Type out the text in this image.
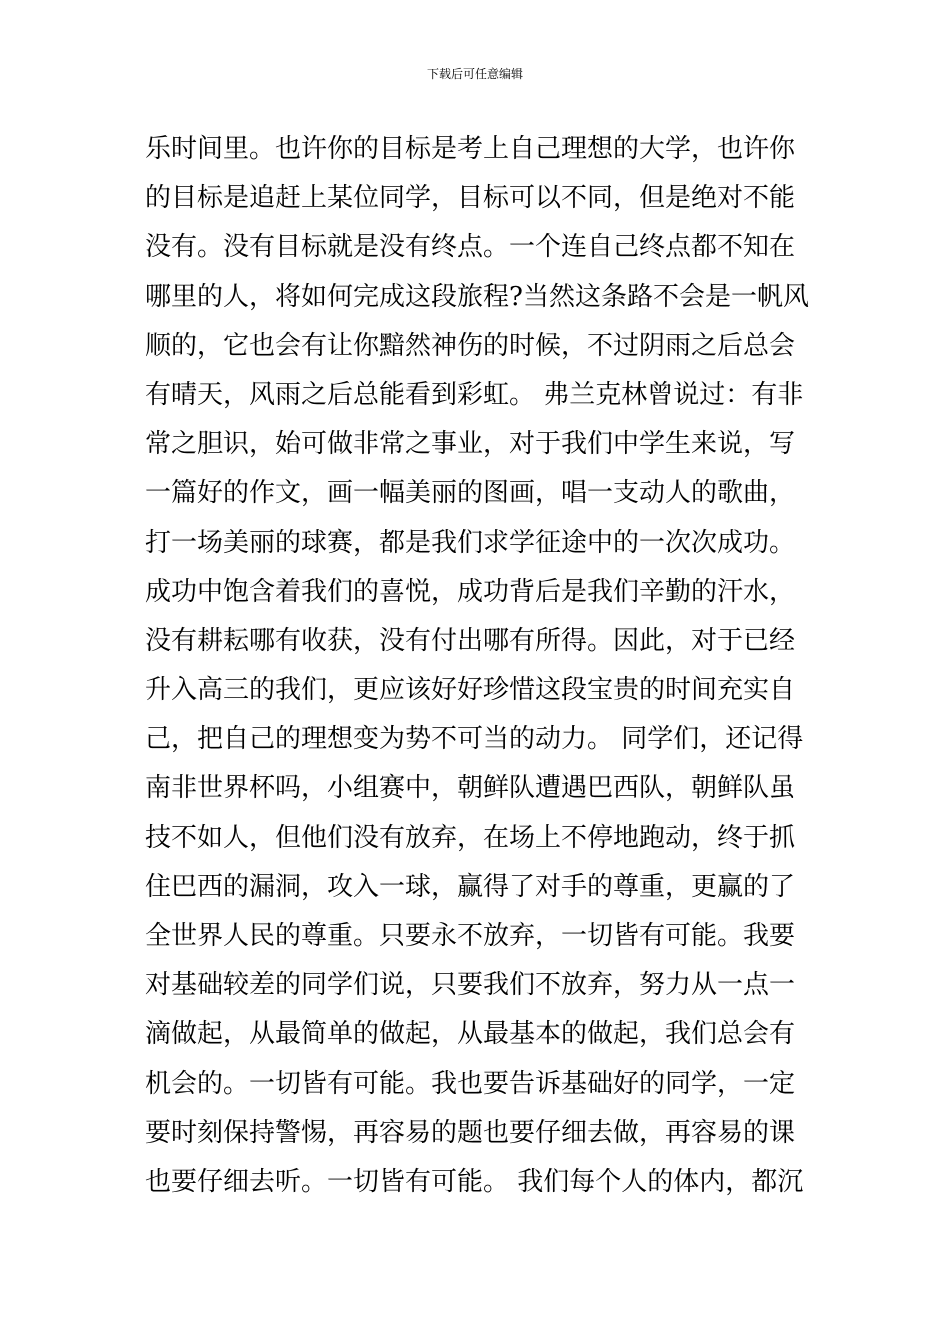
下载后可任意编辑
乐时间里。也许你的目标是考上自己理想的大学，也许你
的目标是追赶上某位同学，目标可以不同，但是绝对不能
没有。没有目标就是没有终点。一个连自己终点都不知在
哪里的人，将如何完成这段旅程?当然这条路不会是一帆风
顺的，它也会有让你黯然神伤的时候，不过阴雨之后总会
有晴天，风雨之后总能看到彩虹。 弗兰克林曾说过：有非
常之胆识，始可做非常之事业，对于我们中学生来说，写
一篇好的作文，画一幅美丽的图画，唱一支动人的歌曲，
打一场美丽的球赛，都是我们求学征途中的一次次成功。
成功中饱含着我们的喜悦，成功背后是我们辛勤的汗水，
没有耕耘哪有收获，没有付出哪有所得。因此，对于已经
升入高三的我们，更应该好好珍惜这段宝贵的时间充实自
己，把自己的理想变为势不可当的动力。 同学们，还记得
南非世界杯吗，小组赛中，朝鲜队遭遇巴西队，朝鲜队虽
技不如人，但他们没有放弃，在场上不停地跑动，终于抓
住巴西的漏洞，攻入一球，赢得了对手的尊重，更赢的了
全世界人民的尊重。只要永不放弃，一切皆有可能。我要
对基础较差的同学们说，只要我们不放弃，努力从一点一
滴做起，从最简单的做起，从最基本的做起，我们总会有
机会的。一切皆有可能。我也要告诉基础好的同学，一定
要时刻保持警惕，再容易的题也要仔细去做，再容易的课
也要仔细去听。一切皆有可能。 我们每个人的体内，都沉
